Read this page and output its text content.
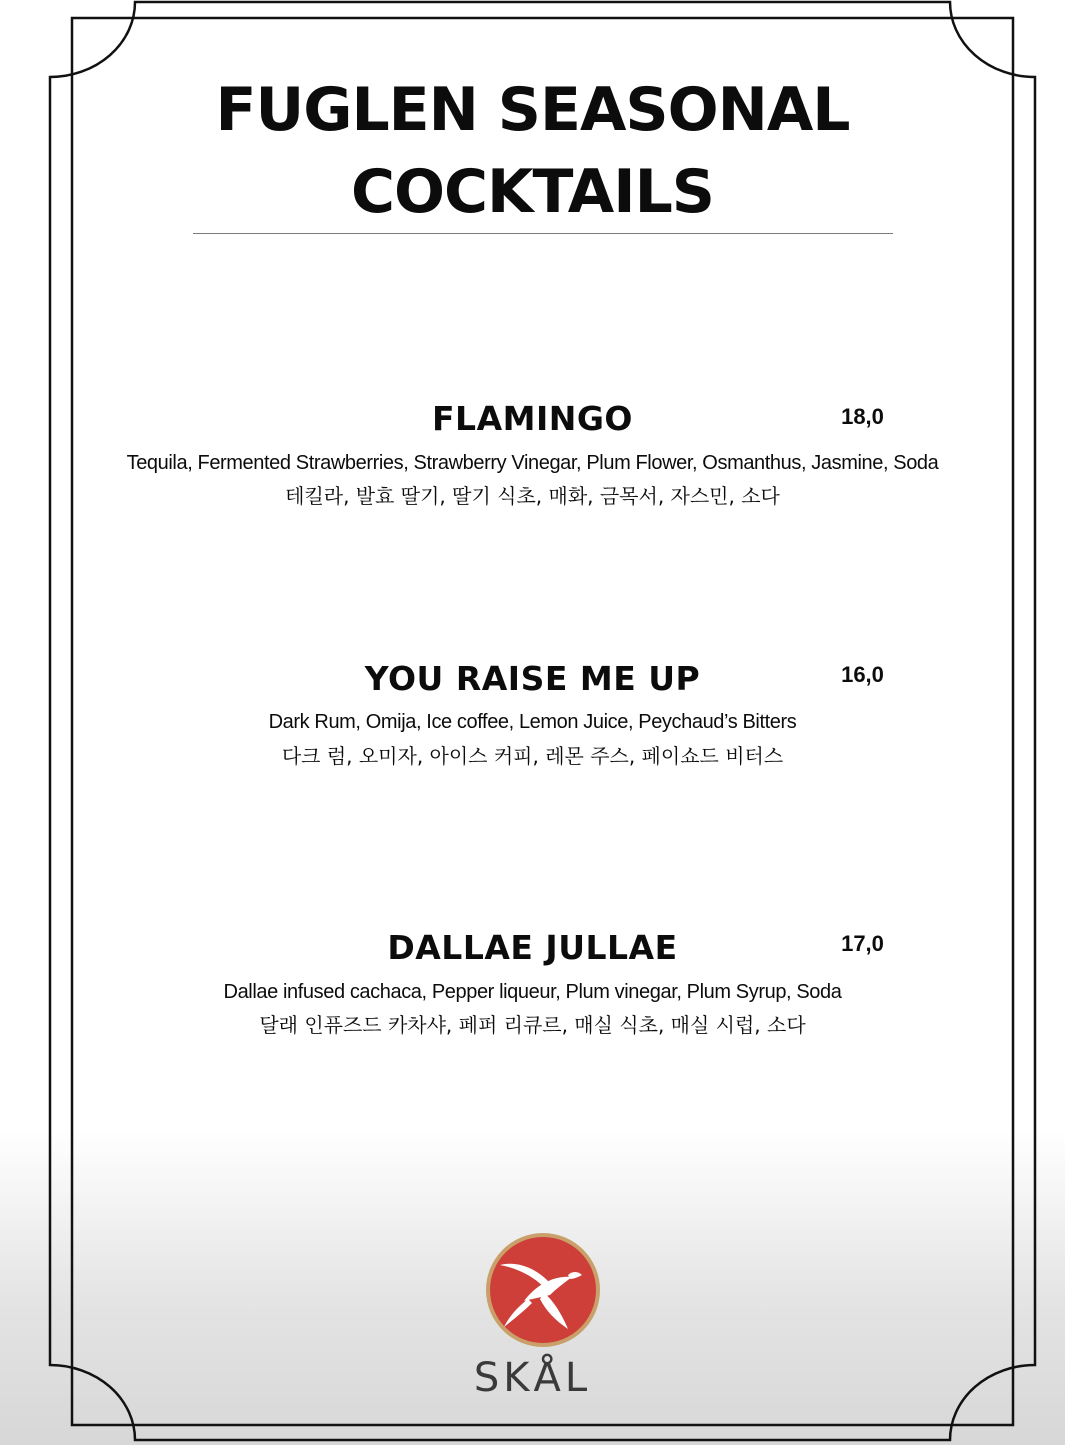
FUGLEN SEASONAL
COCKTAILS
FLAMINGO	18,0
Tequila, Fermented Strawberries, Strawberry Vinegar, Plum Flower, Osmanthus, Jasmine, Soda
테킬라, 발효 딸기, 딸기 식초, 매화, 금목서, 자스민, 소다
YOU RAISE ME UP	16,0
Dark Rum, Omija, Ice coffee, Lemon Juice, Peychaud’s Bitters
다크 럼, 오미자, 아이스 커피, 레몬 주스, 페이쇼드 비터스
DALLAE JULLAE	17,0
Dallae infused cachaca, Pepper liqueur, Plum vinegar, Plum Syrup, Soda
달래 인퓨즈드 카차샤, 페퍼 리큐르, 매실 식초, 매실 시럽, 소다
SKÅL
